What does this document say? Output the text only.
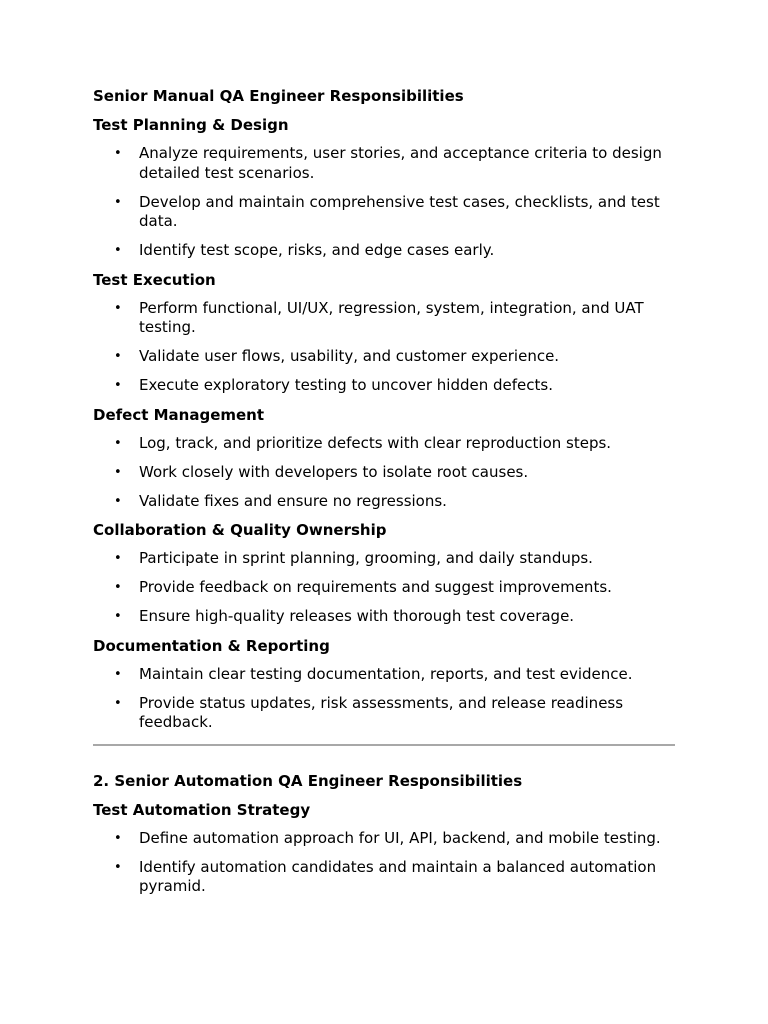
Senior Manual QA Engineer Responsibilities
Test Planning & Design
• Analyze requirements, user stories, and acceptance criteria to design detailed test scenarios.
• Develop and maintain comprehensive test cases, checklists, and test data.
• Identify test scope, risks, and edge cases early.
Test Execution
• Perform functional, UI/UX, regression, system, integration, and UAT testing.
• Validate user flows, usability, and customer experience.
• Execute exploratory testing to uncover hidden defects.
Defect Management
• Log, track, and prioritize defects with clear reproduction steps.
• Work closely with developers to isolate root causes.
• Validate fixes and ensure no regressions.
Collaboration & Quality Ownership
• Participate in sprint planning, grooming, and daily standups.
• Provide feedback on requirements and suggest improvements.
• Ensure high-quality releases with thorough test coverage.
Documentation & Reporting
• Maintain clear testing documentation, reports, and test evidence.
• Provide status updates, risk assessments, and release readiness feedback.
2. Senior Automation QA Engineer Responsibilities
Test Automation Strategy
• Define automation approach for UI, API, backend, and mobile testing.
• Identify automation candidates and maintain a balanced automation pyramid.
